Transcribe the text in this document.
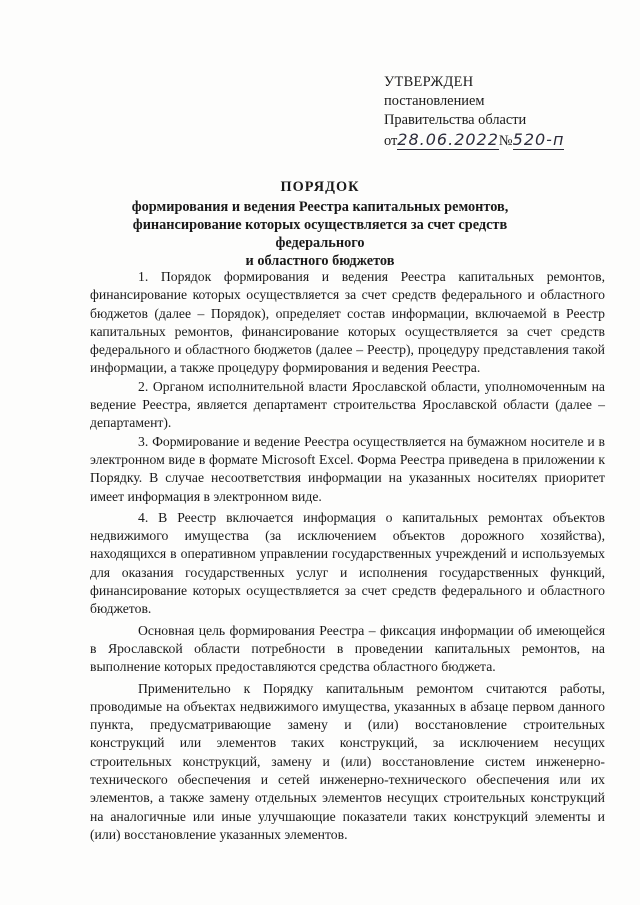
УТВЕРЖДЕН
постановлением
Правительства области
от28.06.2022№520-п
ПОРЯДОК
формирования и ведения Реестра капитальных ремонтов,
финансирование которых осуществляется за счет средств федерального
и областного бюджетов

1. Порядок формирования и ведения Реестра капитальных ремонтов, финансирование которых осуществляется за счет средств федерального и областного бюджетов (далее – Порядок), определяет состав информации, включаемой в Реестр капитальных ремонтов, финансирование которых осуществляется за счет средств федерального и областного бюджетов (далее – Реестр), процедуру представления такой информации, а также процедуру формирования и ведения Реестра.

2. Органом исполнительной власти Ярославской области, уполномоченным на ведение Реестра, является департамент строительства Ярославской области (далее – департамент).

3. Формирование и ведение Реестра осуществляется на бумажном носителе и в электронном виде в формате Microsoft Excel. Форма Реестра приведена в приложении к Порядку. В случае несоответствия информации на указанных носителях приоритет имеет информация в электронном виде.

4. В Реестр включается информация о капитальных ремонтах объектов недвижимого имущества (за исключением объектов дорожного хозяйства), находящихся в оперативном управлении государственных учреждений и используемых для оказания государственных услуг и исполнения государственных функций, финансирование которых осуществляется за счет средств федерального и областного бюджетов.

Основная цель формирования Реестра – фиксация информации об имеющейся в Ярославской области потребности в проведении капитальных ремонтов, на выполнение которых предоставляются средства областного бюджета.

Применительно к Порядку капитальным ремонтом считаются работы, проводимые на объектах недвижимого имущества, указанных в абзаце первом данного пункта, предусматривающие замену и (или) восстановление строительных конструкций или элементов таких конструкций, за исключением несущих строительных конструкций, замену и (или) восстановление систем инженерно-технического обеспечения и сетей инженерно-технического обеспечения или их элементов, а также замену отдельных элементов несущих строительных конструкций на аналогичные или иные улучшающие показатели таких конструкций элементы и (или) восстановление указанных элементов.
